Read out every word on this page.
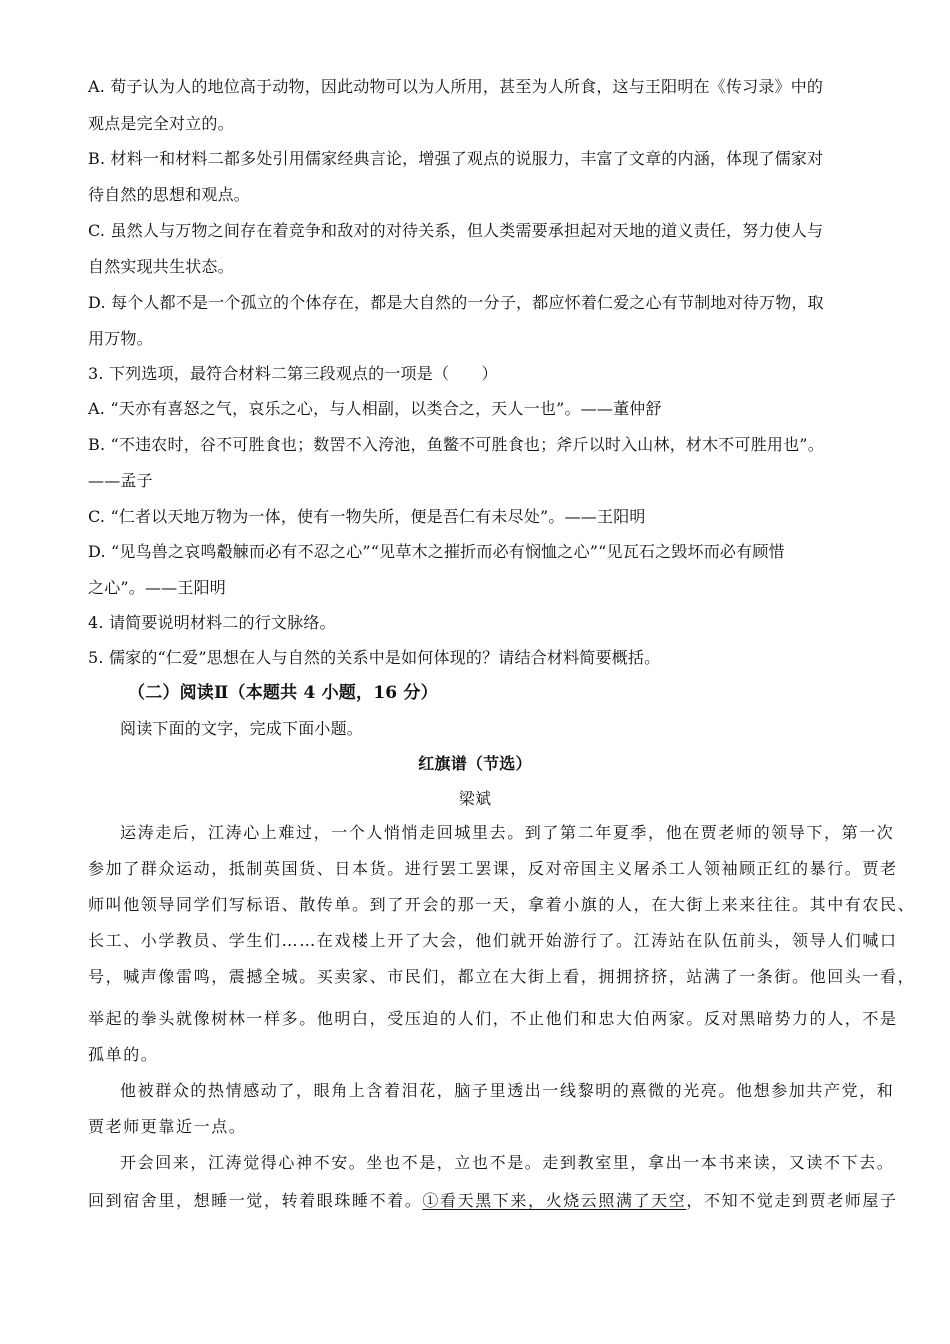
A. 荀子认为人的地位高于动物，因此动物可以为人所用，甚至为人所食，这与王阳明在《传习录》中的
观点是完全对立的。
B. 材料一和材料二都多处引用儒家经典言论，增强了观点的说服力，丰富了文章的内涵，体现了儒家对
待自然的思想和观点。
C. 虽然人与万物之间存在着竞争和敌对的对待关系，但人类需要承担起对天地的道义责任，努力使人与
自然实现共生状态。
D. 每个人都不是一个孤立的个体存在，都是大自然的一分子，都应怀着仁爱之心有节制地对待万物，取
用万物。
3. 下列选项，最符合材料二第三段观点的一项是（　　）
A. “天亦有喜怒之气，哀乐之心，与人相副，以类合之，天人一也”。——董仲舒
B. “不违农时，谷不可胜食也；数罟不入洿池，鱼鳖不可胜食也；斧斤以时入山林，材木不可胜用也”。
——孟子
C. “仁者以天地万物为一体，使有一物失所，便是吾仁有未尽处”。——王阳明
D. “见鸟兽之哀鸣觳觫而必有不忍之心”“见草木之摧折而必有悯恤之心”“见瓦石之毁坏而必有顾惜
之心”。——王阳明
4. 请简要说明材料二的行文脉络。
5. 儒家的“仁爱”思想在人与自然的关系中是如何体现的？请结合材料简要概括。
（二）阅读Ⅱ（本题共 4 小题，16 分）
阅读下面的文字，完成下面小题。
红旗谱（节选）
梁斌
运涛走后，江涛心上难过，一个人悄悄走回城里去。到了第二年夏季，他在贾老师的领导下，第一次
参加了群众运动，抵制英国货、日本货。进行罢工罢课，反对帝国主义屠杀工人领袖顾正红的暴行。贾老
师叫他领导同学们写标语、散传单。到了开会的那一天，拿着小旗的人，在大街上来来往往。其中有农民、
长工、小学教员、学生们……在戏楼上开了大会，他们就开始游行了。江涛站在队伍前头，领导人们喊口
号，喊声像雷鸣，震撼全城。买卖家、市民们，都立在大街上看，拥拥挤挤，站满了一条街。他回头一看，
举起的拳头就像树林一样多。他明白，受压迫的人们，不止他们和忠大伯两家。反对黑暗势力的人，不是
孤单的。
他被群众的热情感动了，眼角上含着泪花，脑子里透出一线黎明的熹微的光亮。他想参加共产党，和
贾老师更靠近一点。
开会回来，江涛觉得心神不安。坐也不是，立也不是。走到教室里，拿出一本书来读，又读不下去。
回到宿舍里，想睡一觉，转着眼珠睡不着。①看天黑下来，火烧云照满了天空，不知不觉走到贾老师屋子
